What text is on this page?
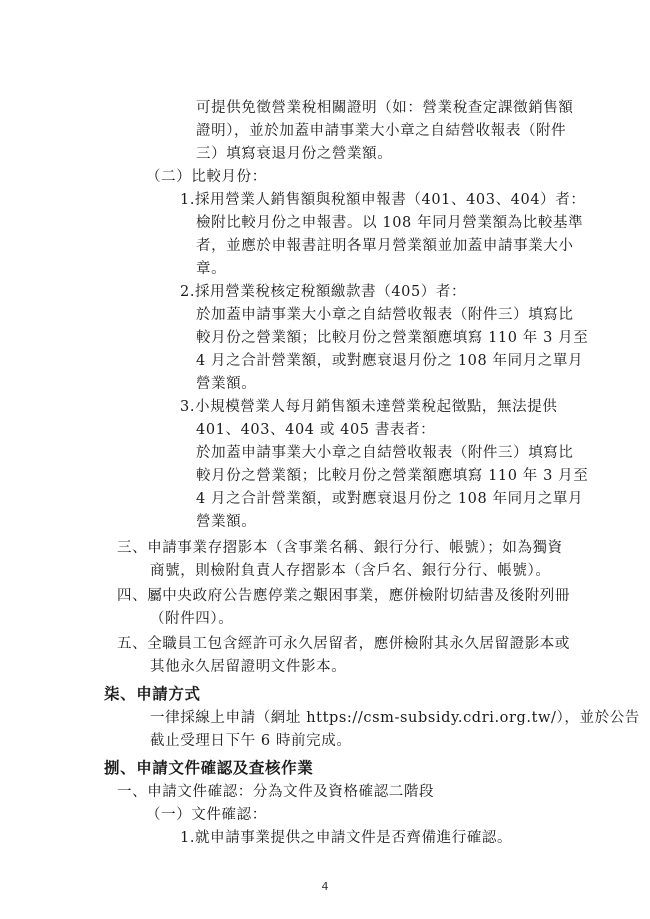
可提供免徵營業稅相關證明（如：營業稅查定課徵銷售額
證明），並於加蓋申請事業大小章之自結營收報表（附件
三）填寫衰退月份之營業額。
（二）比較月份：
1.採用營業人銷售額與稅額申報書（401、403、404）者：
檢附比較月份之申報書。以 108 年同月營業額為比較基準
者，並應於申報書註明各單月營業額並加蓋申請事業大小
章。
2.採用營業稅核定稅額繳款書（405）者：
於加蓋申請事業大小章之自結營收報表（附件三）填寫比
較月份之營業額；比較月份之營業額應填寫 110 年 3 月至
4 月之合計營業額，或對應衰退月份之 108 年同月之單月
營業額。
3.小規模營業人每月銷售額未達營業稅起徵點，無法提供
401、403、404 或 405 書表者：
於加蓋申請事業大小章之自結營收報表（附件三）填寫比
較月份之營業額；比較月份之營業額應填寫 110 年 3 月至
4 月之合計營業額，或對應衰退月份之 108 年同月之單月
營業額。
三、申請事業存摺影本（含事業名稱、銀行分行、帳號）；如為獨資
商號，則檢附負責人存摺影本（含戶名、銀行分行、帳號）。
四、屬中央政府公告應停業之艱困事業，應併檢附切結書及後附列冊
（附件四）。
五、全職員工包含經許可永久居留者，應併檢附其永久居留證影本或
其他永久居留證明文件影本。
柒、申請方式
一律採線上申請（網址 https://csm-subsidy.cdri.org.tw/），並於公告
截止受理日下午 6 時前完成。
捌、申請文件確認及查核作業
一、申請文件確認：分為文件及資格確認二階段
（一）文件確認：
1.就申請事業提供之申請文件是否齊備進行確認。
4
